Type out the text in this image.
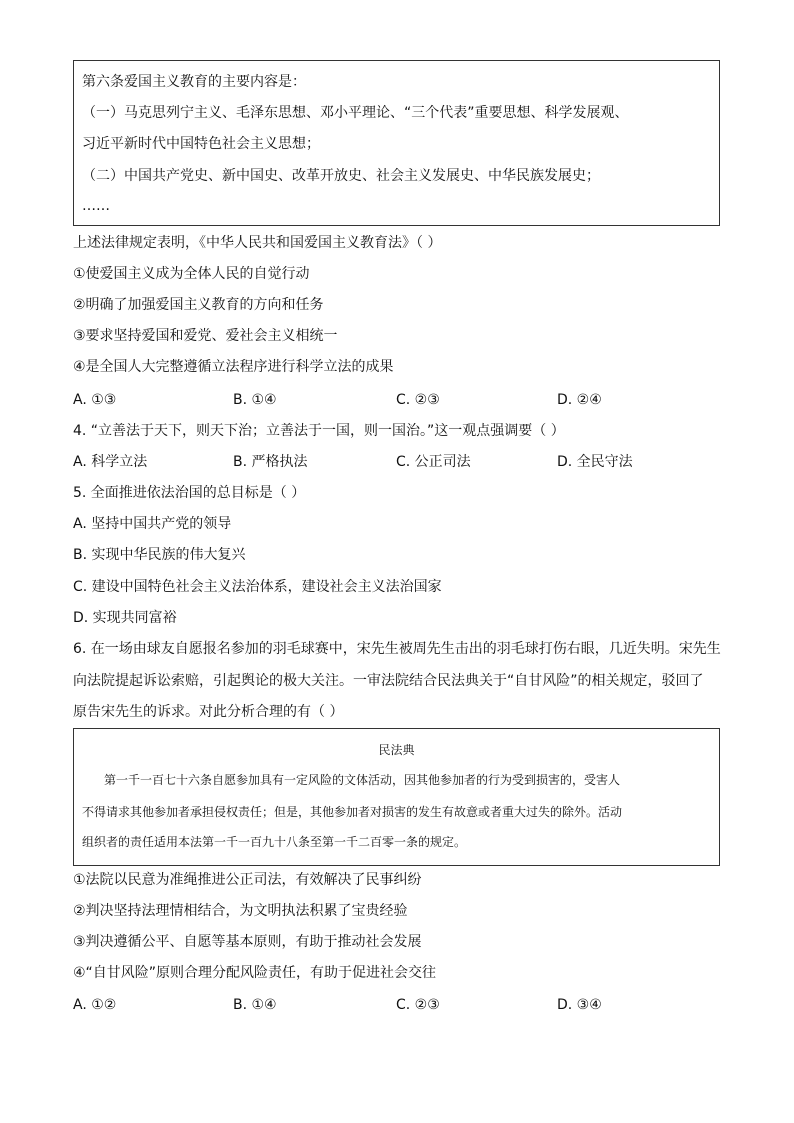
第六条爱国主义教育的主要内容是：
（一）马克思列宁主义、毛泽东思想、邓小平理论、“三个代表”重要思想、科学发展观、
习近平新时代中国特色社会主义思想；
（二）中国共产党史、新中国史、改革开放史、社会主义发展史、中华民族发展史；
……
上述法律规定表明，《中华人民共和国爱国主义教育法》（ ）
①使爱国主义成为全体人民的自觉行动
②明确了加强爱国主义教育的方向和任务
③要求坚持爱国和爱党、爱社会主义相统一
④是全国人大完整遵循立法程序进行科学立法的成果
A. ①③	B. ①④	C. ②③	D. ②④
4. “立善法于天下，则天下治；立善法于一国，则一国治。”这一观点强调要（ ）
A. 科学立法	B. 严格执法	C. 公正司法	D. 全民守法
5. 全面推进依法治国的总目标是（ ）
A. 坚持中国共产党的领导
B. 实现中华民族的伟大复兴
C. 建设中国特色社会主义法治体系，建设社会主义法治国家
D. 实现共同富裕
6. 在一场由球友自愿报名参加的羽毛球赛中，宋先生被周先生击出的羽毛球打伤右眼，几近失明。宋先生
向法院提起诉讼索赔，引起舆论的极大关注。一审法院结合民法典关于“自甘风险”的相关规定，驳回了
原告宋先生的诉求。对此分析合理的有（ ）
民法典
第一千一百七十六条自愿参加具有一定风险的文体活动，因其他参加者的行为受到损害的，受害人
不得请求其他参加者承担侵权责任；但是，其他参加者对损害的发生有故意或者重大过失的除外。活动
组织者的责任适用本法第一千一百九十八条至第一千二百零一条的规定。
①法院以民意为准绳推进公正司法，有效解决了民事纠纷
②判决坚持法理情相结合，为文明执法积累了宝贵经验
③判决遵循公平、自愿等基本原则，有助于推动社会发展
④“自甘风险”原则合理分配风险责任，有助于促进社会交往
A. ①②	B. ①④	C. ②③	D. ③④
